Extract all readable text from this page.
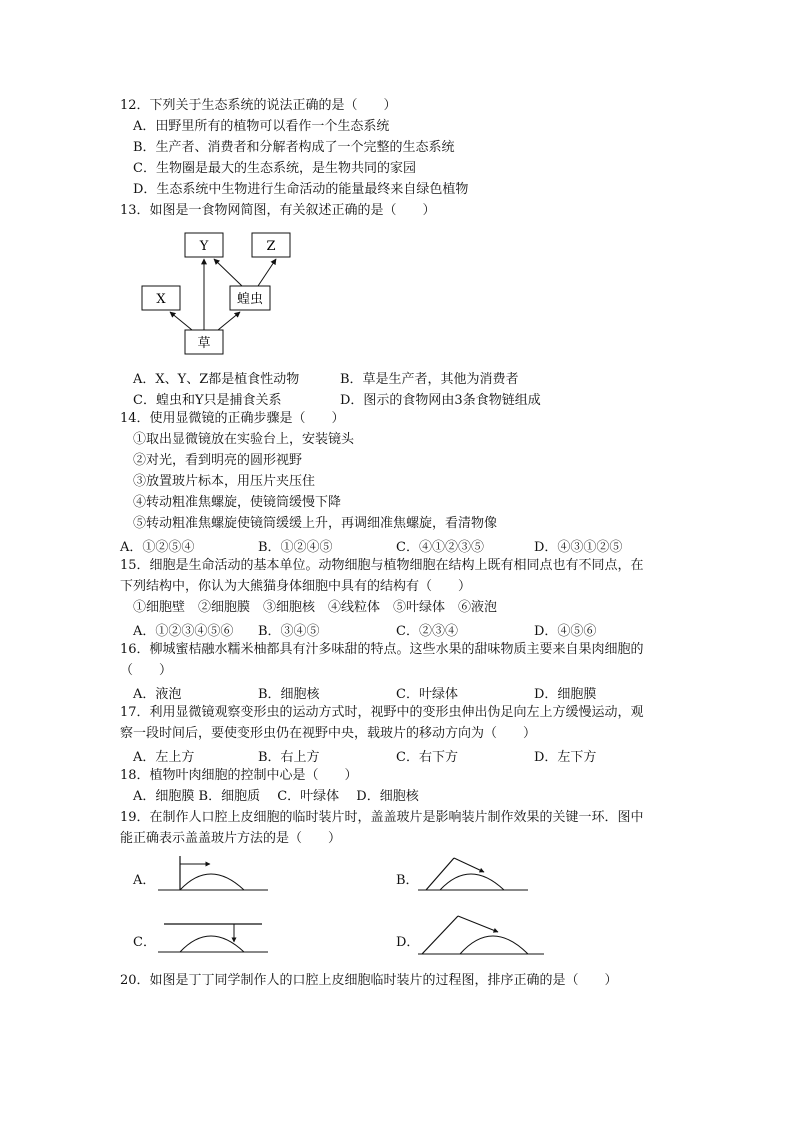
12．下列关于生态系统的说法正确的是（　　）
A．田野里所有的植物可以看作一个生态系统
B．生产者、消费者和分解者构成了一个完整的生态系统
C．生物圈是最大的生态系统，是生物共同的家园
D．生态系统中生物进行生命活动的能量最终来自绿色植物
13．如图是一食物网简图，有关叙述正确的是（　　）
Y	Z
X	蝗虫
草
A．X、Y、Z都是植食性动物	B．草是生产者，其他为消费者
C．蝗虫和Y只是捕食关系	D．图示的食物网由3条食物链组成
14．使用显微镜的正确步骤是（　　）
①取出显微镜放在实验台上，安装镜头
②对光，看到明亮的圆形视野
③放置玻片标本，用压片夹压住
④转动粗准焦螺旋，使镜筒缓慢下降
⑤转动粗准焦螺旋使镜筒缓缓上升，再调细准焦螺旋，看清物像
A．①②⑤④	B．①②④⑤	C．④①②③⑤	D．④③①②⑤
15．细胞是生命活动的基本单位。动物细胞与植物细胞在结构上既有相同点也有不同点，在
下列结构中，你认为大熊猫身体细胞中具有的结构有（　　）
①细胞壁　②细胞膜　③细胞核　④线粒体　⑤叶绿体　⑥液泡
A．①②③④⑤⑥ B．③④⑤	C．②③④	D．④⑤⑥
16．柳城蜜桔融水糯米柚都具有汁多味甜的特点。这些水果的甜味物质主要来自果肉细胞的
（　　）
A．液泡	B．细胞核	C．叶绿体	D．细胞膜
17．利用显微镜观察变形虫的运动方式时，视野中的变形虫伸出伪足向左上方缓慢运动，观
察一段时间后，要使变形虫仍在视野中央，载玻片的移动方向为（　　）
A．左上方	B．右上方	C．右下方	D．左下方
18．植物叶肉细胞的控制中心是（　　）
A．细胞膜 B．细胞质　 C．叶绿体　 D．细胞核
19．在制作人口腔上皮细胞的临时装片时，盖盖玻片是影响装片制作效果的关键一环．图中
能正确表示盖盖玻片方法的是（　　）
A．	B．
C．	D．
20．如图是丁丁同学制作人的口腔上皮细胞临时装片的过程图，排序正确的是（　　）
